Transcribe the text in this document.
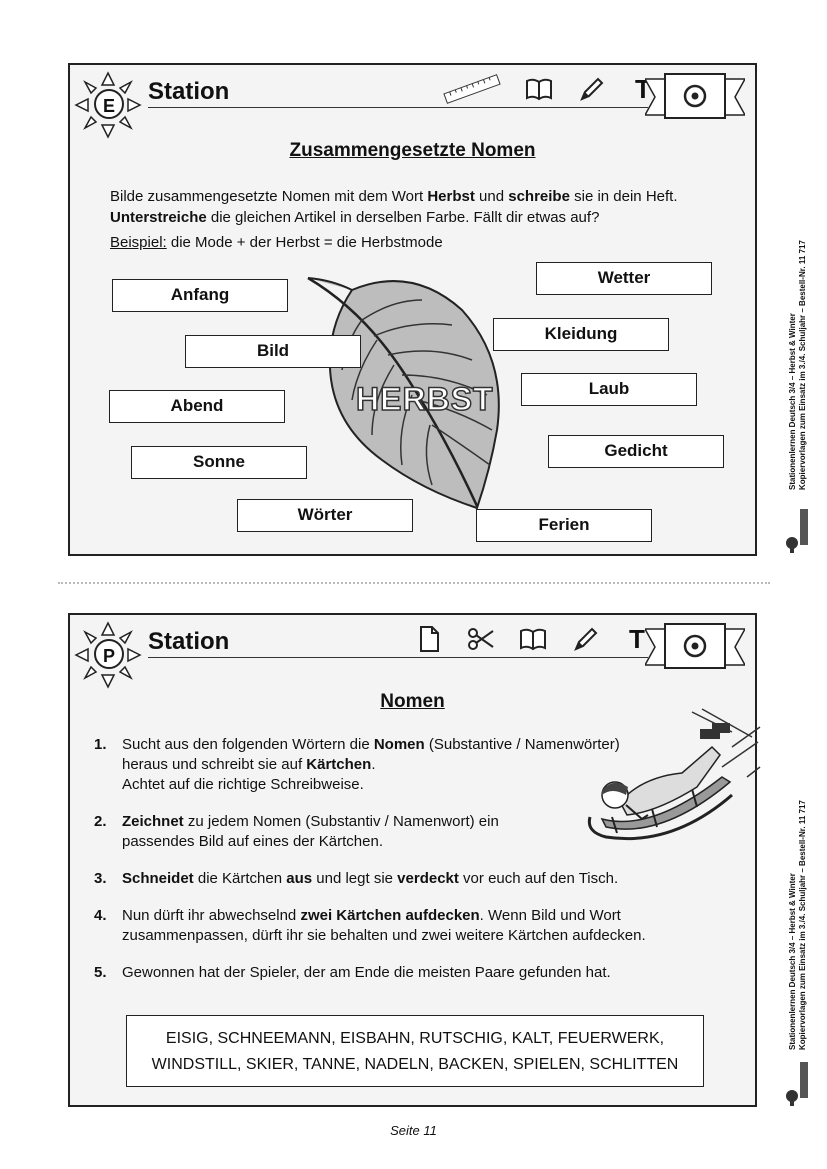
E
Station	T
Zusammengesetzte Nomen
Bilde zusammengesetzte Nomen mit dem Wort Herbst und schreibe sie in dein Heft.
Unterstreiche die gleichen Artikel in derselben Farbe. Fällt dir etwas auf?
Beispiel: die Mode + der Herbst = die Herbstmode
HERBST
Anfang
Bild
Abend
Sonne
Wörter
Wetter
Kleidung
Laub
Gedicht
Ferien
Stationenlernen Deutsch 3/4 – Herbst & Winter Kopiervorlagen zum Einsatz im 3./4. Schuljahr – Bestell-Nr. 11 717
P
Station	T
Nomen
1.	Sucht aus den folgenden Wörtern die Nomen (Substantive / Namenwörter)
heraus und schreibt sie auf Kärtchen.
Achtet auf die richtige Schreibweise.
2.	Zeichnet zu jedem Nomen (Substantiv / Namenwort) ein
passendes Bild auf eines der Kärtchen.
3.	Schneidet die Kärtchen aus und legt sie verdeckt vor euch auf den Tisch.
4.	Nun dürft ihr abwechselnd zwei Kärtchen aufdecken. Wenn Bild und Wort
zusammenpassen, dürft ihr sie behalten und zwei weitere Kärtchen aufdecken.
5.	Gewonnen hat der Spieler, der am Ende die meisten Paare gefunden hat.
EISIG, SCHNEEMANN, EISBAHN, RUTSCHIG, KALT, FEUERWERK,
WINDSTILL, SKIER, TANNE, NADELN, BACKEN, SPIELEN, SCHLITTEN
Stationenlernen Deutsch 3/4 – Herbst & Winter Kopiervorlagen zum Einsatz im 3./4. Schuljahr – Bestell-Nr. 11 717
Seite 11
